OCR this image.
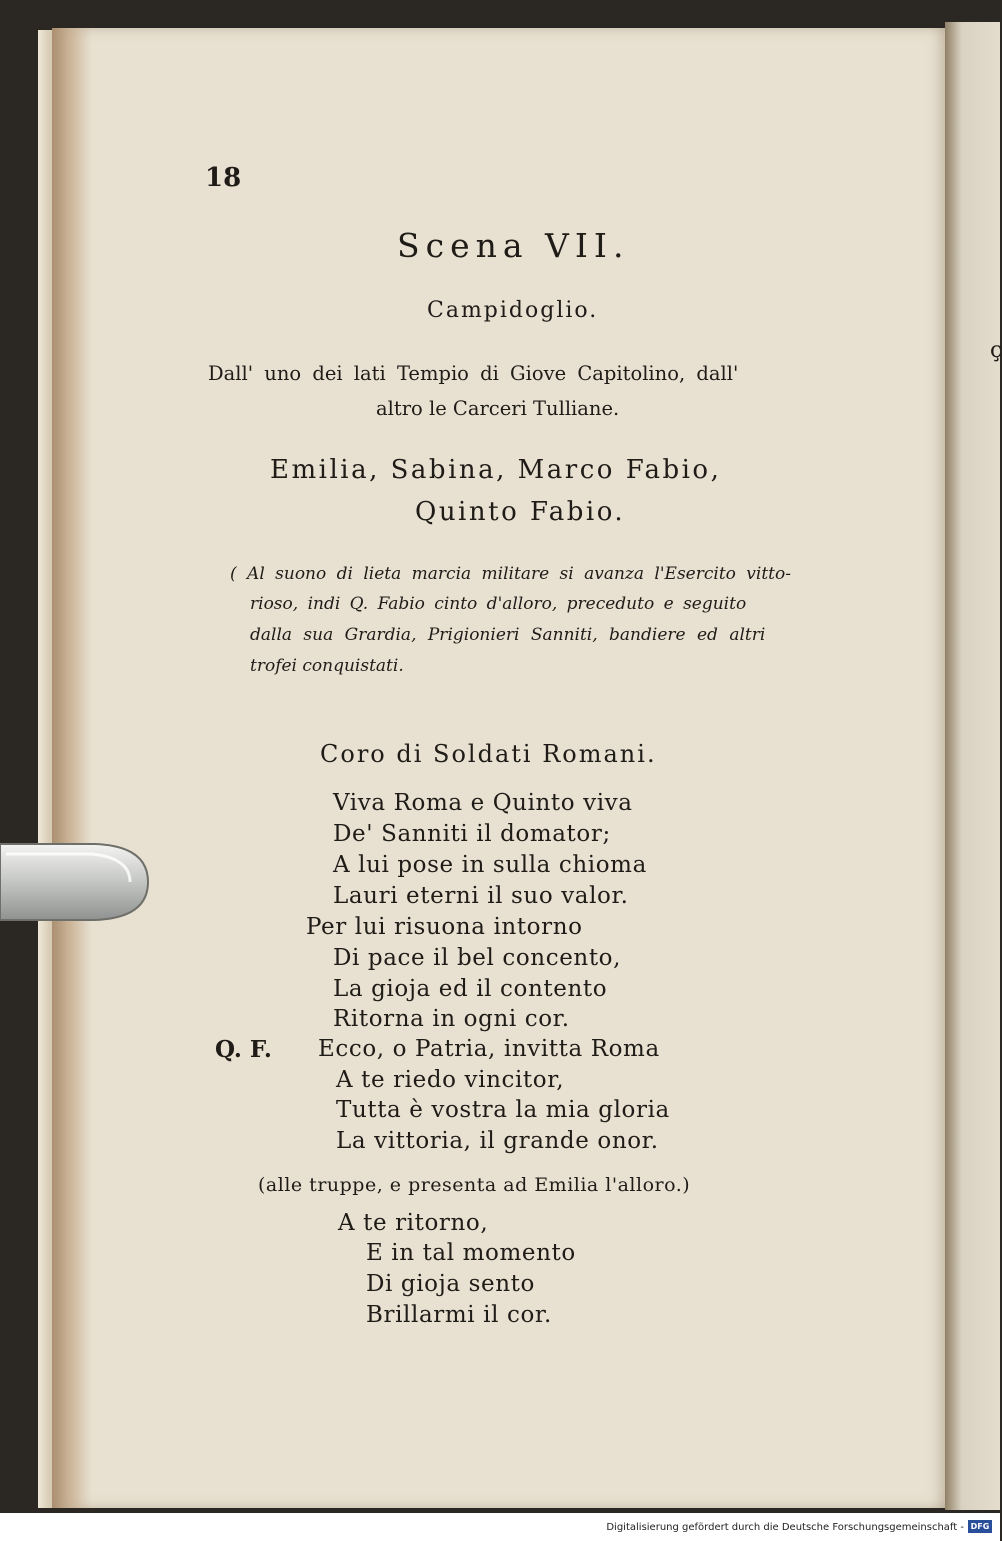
ç
18
Scena VII.
Campidoglio.
Dall' uno dei lati Tempio di Giove Capitolino, dall'
altro le Carceri Tulliane.
Emilia, Sabina, Marco Fabio,
Quinto Fabio.
( Al suono di lieta marcia militare si avanza l'Esercito vitto-
rioso, indi Q. Fabio cinto d'alloro, preceduto e seguito
dalla sua Grardia, Prigionieri Sanniti, bandiere ed altri
trofei conquistati.
Coro di Soldati Romani.
Viva Roma e Quinto viva
De' Sanniti il domator;
A lui pose in sulla chioma
Lauri eterni il suo valor.
Per lui risuona intorno
Di pace il bel concento,
La gioja ed il contento
Ritorna in ogni cor.
Q. F. Ecco, o Patria, invitta Roma
A te riedo vincitor,
Tutta è vostra la mia gloria
La vittoria, il grande onor.
(alle truppe, e presenta ad Emilia l'alloro.)
A te ritorno,
E in tal momento
Di gioja sento
Brillarmi il cor.
Digitalisierung gefördert durch die Deutsche Forschungsgemeinschaft - DFG
